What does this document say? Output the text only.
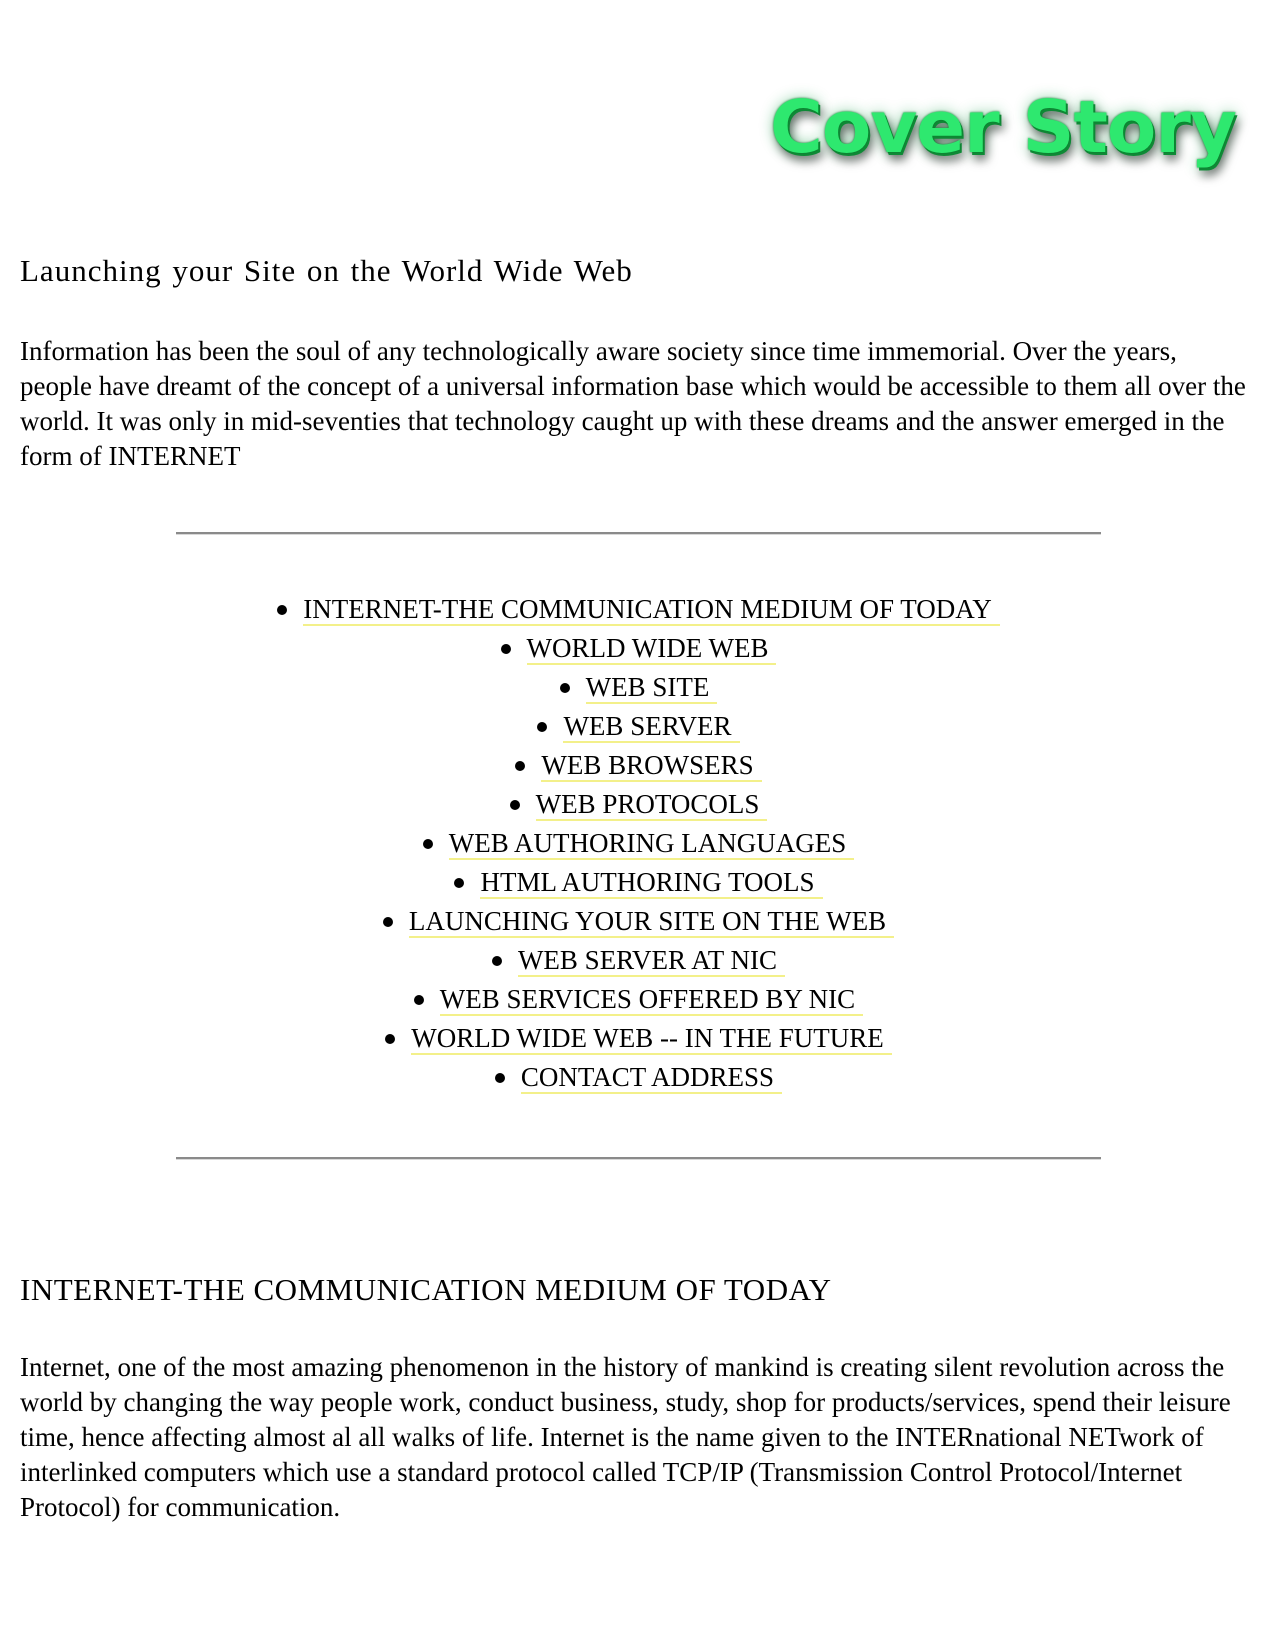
Cover Story
Launching your Site on the World Wide Web

Information has been the soul of any technologically aware society since time immemorial. Over the years, people have dreamt of the concept of a universal information base which would be accessible to them all over the world. It was only in mid-seventies that technology caught up with these dreams and the answer emerged in the form of INTERNET

INTERNET-THE COMMUNICATION MEDIUM OF TODAY
WORLD WIDE WEB
WEB SITE
WEB SERVER
WEB BROWSERS
WEB PROTOCOLS
WEB AUTHORING LANGUAGES
HTML AUTHORING TOOLS
LAUNCHING YOUR SITE ON THE WEB
WEB SERVER AT NIC
WEB SERVICES OFFERED BY NIC
WORLD WIDE WEB -- IN THE FUTURE
CONTACT ADDRESS
INTERNET-THE COMMUNICATION MEDIUM OF TODAY

Internet, one of the most amazing phenomenon in the history of mankind is creating silent revolution across the world by changing the way people work, conduct business, study, shop for products/services, spend their leisure time, hence affecting almost al all walks of life. Internet is the name given to the INTERnational NETwork of interlinked computers which use a standard protocol called TCP/IP (Transmission Control Protocol/Internet Protocol) for communication.
